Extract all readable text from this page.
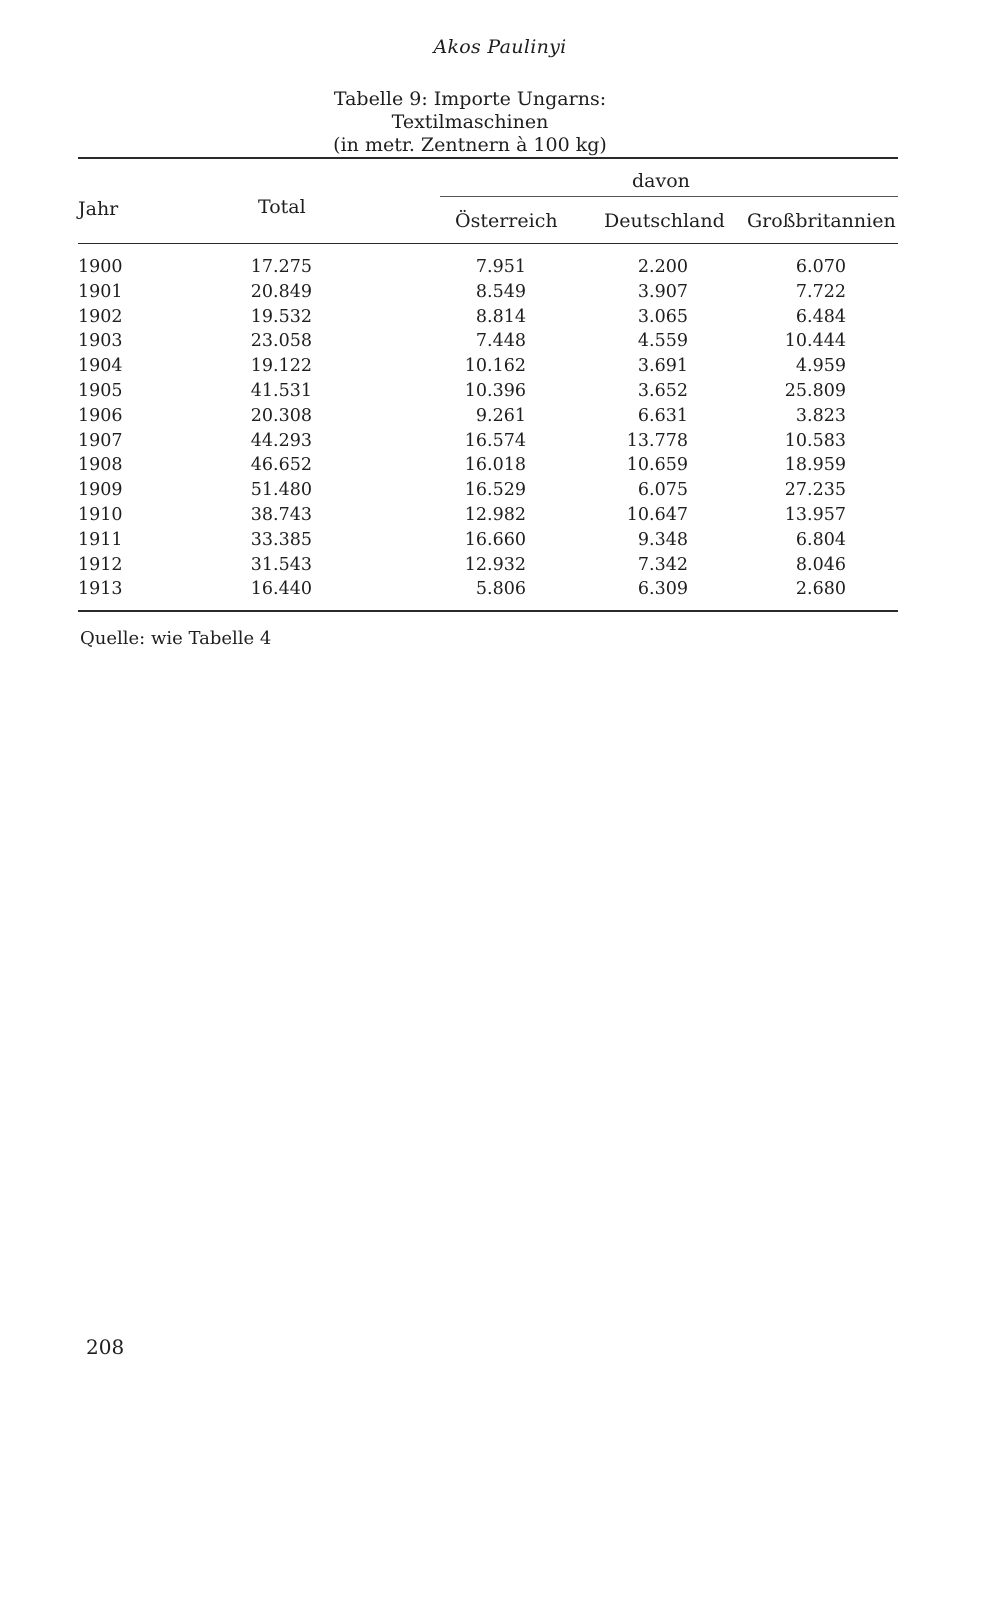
Akos Paulinyi
Tabelle 9: Importe Ungarns: Textilmaschinen
(in metr. Zentnern à 100 kg)
Jahr	Total
davon
Österreich Deutschland Großbritannien
1900	17.275	7.951	2.200	6.070
1901	20.849	8.549	3.907	7.722
1902	19.532	8.814	3.065	6.484
1903	23.058	7.448	4.559	10.444
1904	19.122	10.162	3.691	4.959
1905	41.531	10.396	3.652	25.809
1906	20.308	9.261	6.631	3.823
1907	44.293	16.574	13.778	10.583
1908	46.652	16.018	10.659	18.959
1909	51.480	16.529	6.075	27.235
1910	38.743	12.982	10.647	13.957
1911	33.385	16.660	9.348	6.804
1912	31.543	12.932	7.342	8.046
1913	16.440	5.806	6.309	2.680
Quelle: wie Tabelle 4
208
